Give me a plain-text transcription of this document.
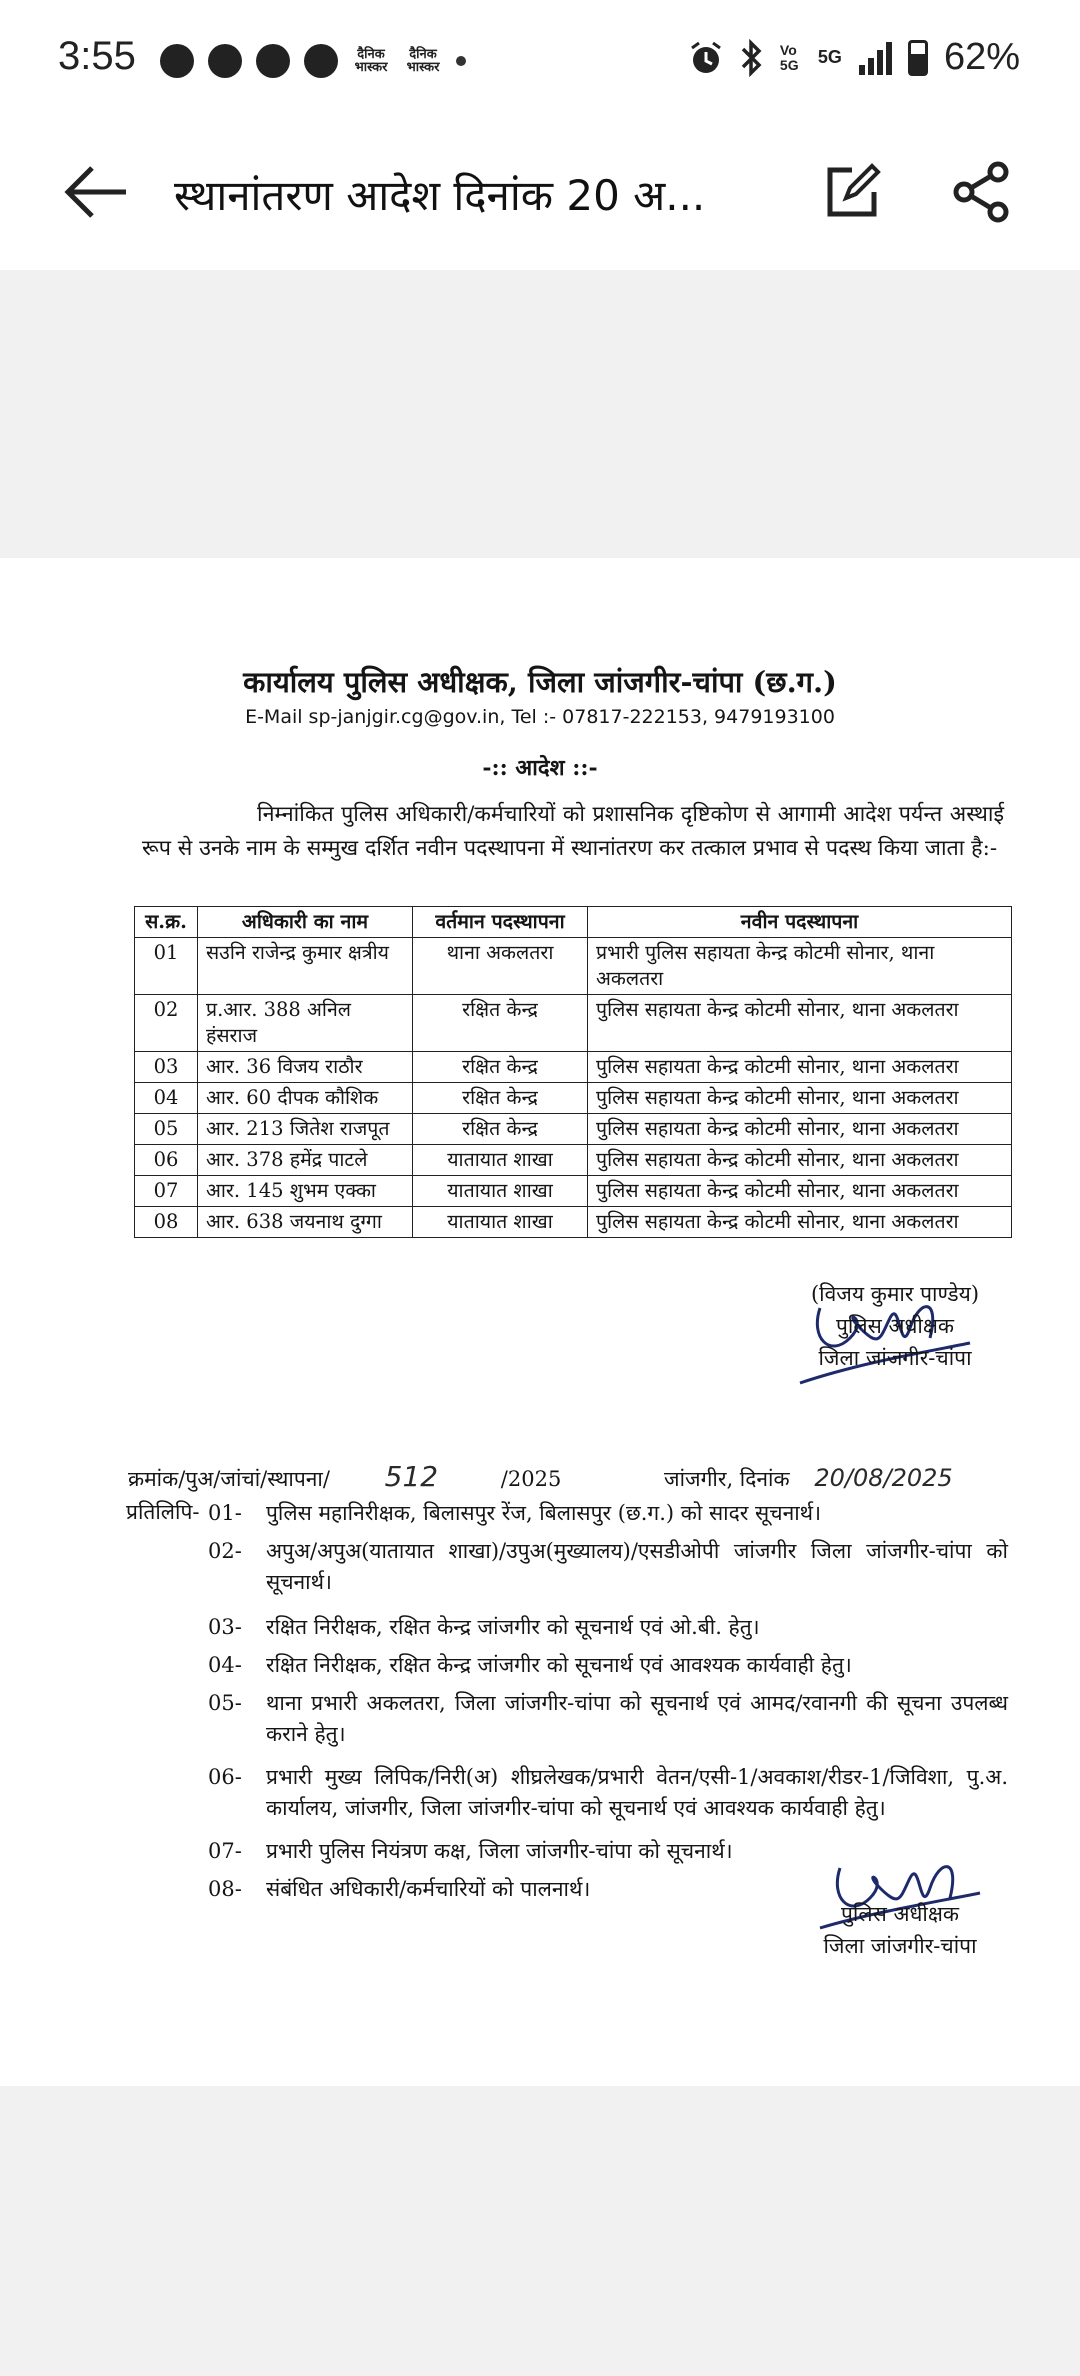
3:55	दैनिक भास्कर
दैनिक भास्कर
Vo 5G 5G	62%
स्थानांतरण आदेश दिनांक 20 अ...
कार्यालय पुलिस अधीक्षक, जिला जांजगीर-चांपा (छ.ग.)
E-Mail sp-janjgir.cg@gov.in, Tel :- 07817-222153, 9479193100
-:: आदेश ::-
निम्नांकित पुलिस अधिकारी/कर्मचारियों को प्रशासनिक दृष्टिकोण से आगामी आदेश पर्यन्त अस्थाई रूप से उनके नाम के सम्मुख दर्शित नवीन पदस्थापना में स्थानांतरण कर तत्काल प्रभाव से पदस्थ किया जाता है:-
स.क्र.	अधिकारी का नाम	वर्तमान पदस्थापना	नवीन पदस्थापना
01	सउनि राजेन्द्र कुमार क्षत्रीय	थाना अकलतरा	प्रभारी पुलिस सहायता केन्द्र कोटमी सोनार, थाना अकलतरा
02	प्र.आर. 388 अनिल हंसराज	रक्षित केन्द्र	पुलिस सहायता केन्द्र कोटमी सोनार, थाना अकलतरा
03	आर. 36 विजय राठौर	रक्षित केन्द्र	पुलिस सहायता केन्द्र कोटमी सोनार, थाना अकलतरा
04	आर. 60 दीपक कौशिक	रक्षित केन्द्र	पुलिस सहायता केन्द्र कोटमी सोनार, थाना अकलतरा
05	आर. 213 जितेश राजपूत	रक्षित केन्द्र	पुलिस सहायता केन्द्र कोटमी सोनार, थाना अकलतरा
06	आर. 378 हमेंद्र पाटले	यातायात शाखा	पुलिस सहायता केन्द्र कोटमी सोनार, थाना अकलतरा
07	आर. 145 शुभम एक्का	यातायात शाखा	पुलिस सहायता केन्द्र कोटमी सोनार, थाना अकलतरा
08	आर. 638 जयनाथ दुग्गा	यातायात शाखा	पुलिस सहायता केन्द्र कोटमी सोनार, थाना अकलतरा
(विजय कुमार पाण्डेय)
पुलिस अधीक्षक
जिला जांजगीर-चांपा
क्रमांक/पुअ/जांचां/स्थापना/ 512	/2025	जांजगीर, दिनांक 20/08/2025
प्रतिलिपि- 01-	पुलिस महानिरीक्षक, बिलासपुर रेंज, बिलासपुर (छ.ग.) को सादर सूचनार्थ।
02-	अपुअ/अपुअ(यातायात शाखा)/उपुअ(मुख्यालय)/एसडीओपी जांजगीर जिला जांजगीर-चांपा को सूचनार्थ।
03-	रक्षित निरीक्षक, रक्षित केन्द्र जांजगीर को सूचनार्थ एवं ओ.बी. हेतु।
04-	रक्षित निरीक्षक, रक्षित केन्द्र जांजगीर को सूचनार्थ एवं आवश्यक कार्यवाही हेतु।
05-	थाना प्रभारी अकलतरा, जिला जांजगीर-चांपा को सूचनार्थ एवं आमद/रवानगी की सूचना उपलब्ध कराने हेतु।
06-	प्रभारी मुख्य लिपिक/निरी(अ) शीघ्रलेखक/प्रभारी वेतन/एसी-1/अवकाश/रीडर-1/जिविशा, पु.अ. कार्यालय, जांजगीर, जिला जांजगीर-चांपा को सूचनार्थ एवं आवश्यक कार्यवाही हेतु।
07-	प्रभारी पुलिस नियंत्रण कक्ष, जिला जांजगीर-चांपा को सूचनार्थ।
08-	संबंधित अधिकारी/कर्मचारियों को पालनार्थ।
पुलिस अधीक्षक
जिला जांजगीर-चांपा
